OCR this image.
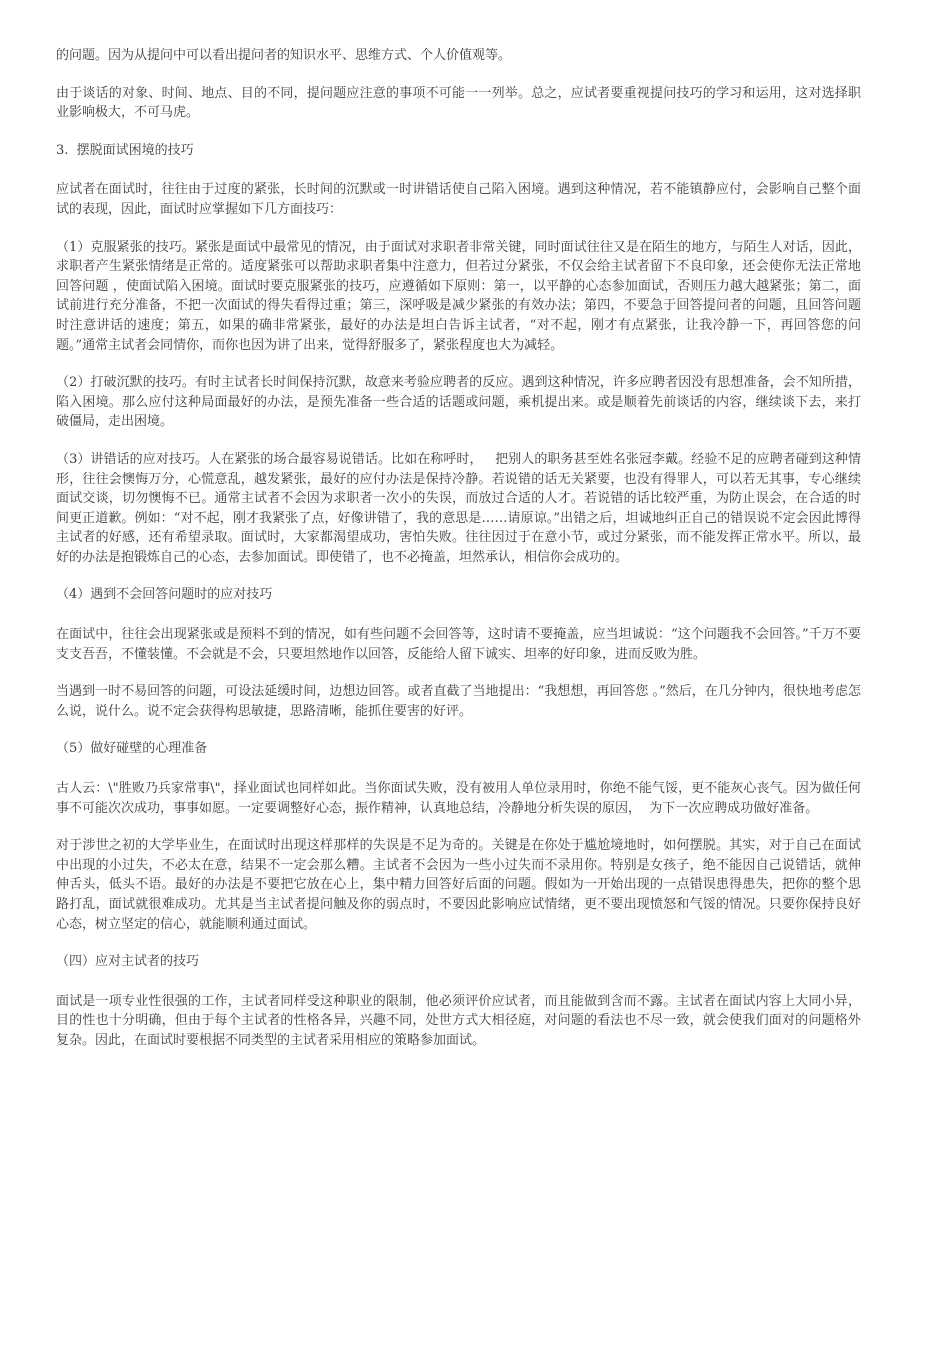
的问题。因为从提问中可以看出提问者的知识水平、思维方式、个人价值观等。

由于谈话的对象、时间、地点、目的不同，提问题应注意的事项不可能一一列举。总之，应试者要重视提问技巧的学习和运用，这对选择职业影响极大，不可马虎。

3.  摆脱面试困境的技巧

应试者在面试时，往往由于过度的紧张，长时间的沉默或一时讲错话使自己陷入困境。遇到这种情况，若不能镇静应付，会影响自己整个面试的表现，因此，面试时应掌握如下几方面技巧：

（1）克服紧张的技巧。紧张是面试中最常见的情况，由于面试对求职者非常关键，同时面试往往又是在陌生的地方，与陌生人对话，因此，求职者产生紧张情绪是正常的。适度紧张可以帮助求职者集中注意力，但若过分紧张，不仅会给主试者留下不良印象，还会使你无法正常地回答问题 ，使面试陷入困境。面试时要克服紧张的技巧，应遵循如下原则：第一，以平静的心态参加面试，否则压力越大越紧张；第二，面试前进行充分准备，不把一次面试的得失看得过重；第三，深呼吸是减少紧张的有效办法；第四，不要急于回答提问者的问题，且回答问题时注意讲话的速度；第五，如果的确非常紧张，最好的办法是坦白告诉主试者，“对不起，刚才有点紧张，让我冷静一下，再回答您的问题。”通常主试者会同情你，而你也因为讲了出来，觉得舒服多了，紧张程度也大为减轻。

（2）打破沉默的技巧。有时主试者长时间保持沉默，故意来考验应聘者的反应。遇到这种情况，许多应聘者因没有思想准备，会不知所措，陷入困境。那么应付这种局面最好的办法，是预先准备一些合适的话题或问题，乘机提出来。或是顺着先前谈话的内容，继续谈下去，来打破僵局，走出困境。

（3）讲错话的应对技巧。人在紧张的场合最容易说错话。比如在称呼时，   把别人的职务甚至姓名张冠李戴。经验不足的应聘者碰到这种情形，往往会懊悔万分，心慌意乱，越发紧张，最好的应付办法是保持冷静。若说错的话无关紧要，也没有得罪人，可以若无其事，专心继续面试交谈，切勿懊悔不已。通常主试者不会因为求职者一次小的失误，而放过合适的人才。若说错的话比较严重，为防止误会，在合适的时间更正道歉。例如：“对不起，刚才我紧张了点，好像讲错了，我的意思是……请原谅。”出错之后，坦诚地纠正自己的错误说不定会因此博得主试者的好感，还有希望录取。面试时，大家都渴望成功，害怕失败。往往因过于在意小节，或过分紧张，而不能发挥正常水平。所以，最好的办法是抱锻炼自己的心态，去参加面试。即使错了，也不必掩盖，坦然承认，相信你会成功的。

（4）遇到不会回答问题时的应对技巧

在面试中，往往会出现紧张或是预料不到的情况，如有些问题不会回答等，这时请不要掩盖，应当坦诚说：“这个问题我不会回答。”千万不要支支吾吾，不懂装懂。不会就是不会，只要坦然地作以回答，反能给人留下诚实、坦率的好印象，进而反败为胜。

当遇到一时不易回答的问题，可设法延缓时间，边想边回答。或者直截了当地提出：“我想想，再回答您 。”然后，在几分钟内，很快地考虑怎么说，说什么。说不定会获得构思敏捷，思路清晰，能抓住要害的好评。

（5）做好碰壁的心理准备

古人云：\"胜败乃兵家常事\"，择业面试也同样如此。当你面试失败，没有被用人单位录用时，你绝不能气馁，更不能灰心丧气。因为做任何事不可能次次成功，事事如愿。一定要调整好心态，振作精神，认真地总结，冷静地分析失误的原因，  为下一次应聘成功做好准备。

对于涉世之初的大学毕业生，在面试时出现这样那样的失误是不足为奇的。关键是在你处于尴尬境地时，如何摆脱。其实，对于自己在面试中出现的小过失，不必太在意，结果不一定会那么糟。主试者不会因为一些小过失而不录用你。特别是女孩子，绝不能因自己说错话，就伸伸舌头，低头不语。最好的办法是不要把它放在心上，集中精力回答好后面的问题。假如为一开始出现的一点错误患得患失，把你的整个思路打乱，面试就很难成功。尤其是当主试者提问触及你的弱点时，不要因此影响应试情绪，更不要出现愤怒和气馁的情况。只要你保持良好心态，树立坚定的信心，就能顺利通过面试。

（四）应对主试者的技巧

面试是一项专业性很强的工作，主试者同样受这种职业的限制，他必须评价应试者，而且能做到含而不露。主试者在面试内容上大同小异，目的性也十分明确，但由于每个主试者的性格各异，兴趣不同，处世方式大相径庭，对问题的看法也不尽一致，就会使我们面对的问题格外复杂。因此，在面试时要根据不同类型的主试者采用相应的策略参加面试。
